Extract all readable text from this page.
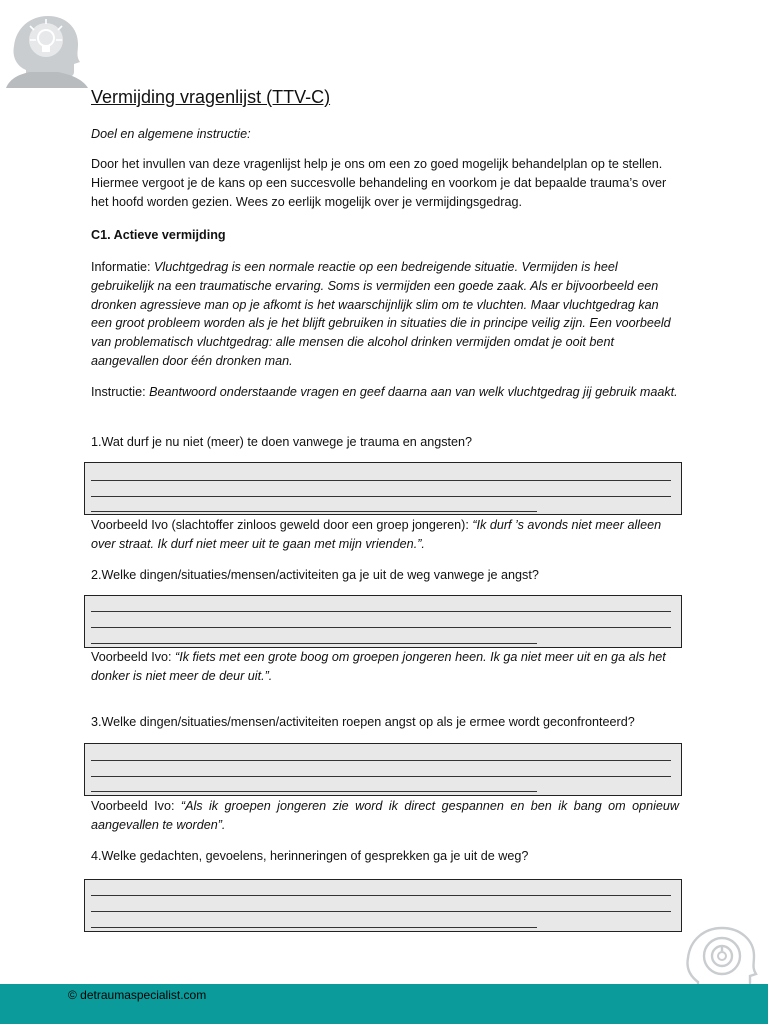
Vermijding vragenlijst (TTV-C)

Doel en algemene instructie:

Door het invullen van deze vragenlijst help je ons om een zo goed mogelijk behandelplan op te stellen. Hiermee vergoot je de kans op een succesvolle behandeling en voorkom je dat bepaalde trauma’s over het hoofd worden gezien. Wees zo eerlijk mogelijk over je vermijdingsgedrag.

C1. Actieve vermijding

Informatie: Vluchtgedrag is een normale reactie op een bedreigende situatie. Vermijden is heel gebruikelijk na een traumatische ervaring. Soms is vermijden een goede zaak. Als er bijvoorbeeld een dronken agressieve man op je afkomt is het waarschijnlijk slim om te vluchten. Maar vluchtgedrag kan een groot probleem worden als je het blijft gebruiken in situaties die in principe veilig zijn. Een voorbeeld van problematisch vluchtgedrag: alle mensen die alcohol drinken vermijden omdat je ooit bent aangevallen door één dronken man.

Instructie: Beantwoord onderstaande vragen en geef daarna aan van welk vluchtgedrag jij gebruik maakt.

1.Wat durf je nu niet (meer) te doen vanwege je trauma en angsten?

Voorbeeld Ivo (slachtoffer zinloos geweld door een groep jongeren): “Ik durf ’s avonds niet meer alleen over straat. Ik durf niet meer uit te gaan met mijn vrienden.”.

2.Welke dingen/situaties/mensen/activiteiten ga je uit de weg vanwege je angst?

Voorbeeld Ivo: “Ik fiets met een grote boog om groepen jongeren heen. Ik ga niet meer uit en ga als het donker is niet meer de deur uit.”.

3.Welke dingen/situaties/mensen/activiteiten roepen angst op als je ermee wordt geconfronteerd?

Voorbeeld Ivo: “Als ik groepen jongeren zie word ik direct gespannen en ben ik bang om opnieuw aangevallen te worden”.

4.Welke gedachten, gevoelens, herinneringen of gesprekken ga je uit de weg?

© detraumaspecialist.com
